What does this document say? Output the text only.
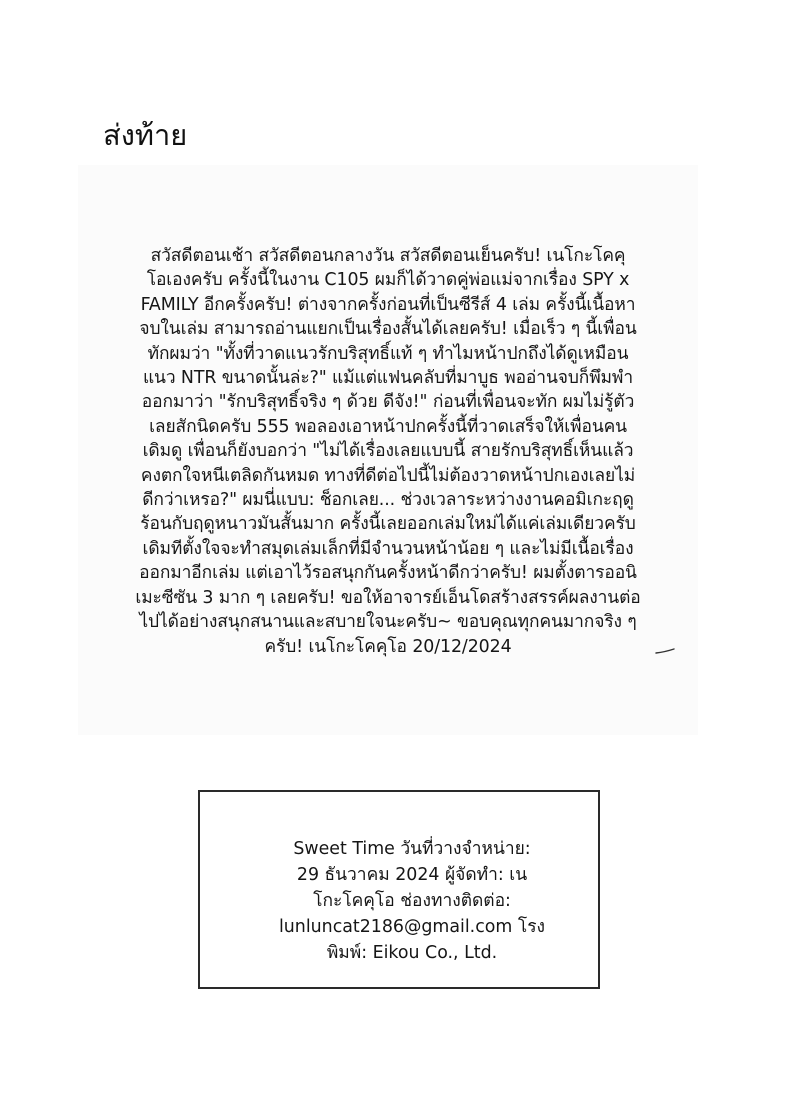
ส่งท้าย

สวัสดีตอนเช้า สวัสดีตอนกลางวัน สวัสดีตอนเย็นครับ! เนโกะโคคุ
โอเองครับ ครั้งนี้ในงาน C105 ผมก็ได้วาดคู่พ่อแม่จากเรื่อง SPY x
FAMILY อีกครั้งครับ! ต่างจากครั้งก่อนที่เป็นซีรีส์ 4 เล่ม ครั้งนี้เนื้อหา
จบในเล่ม สามารถอ่านแยกเป็นเรื่องสั้นได้เลยครับ! เมื่อเร็ว ๆ นี้เพื่อน
ทักผมว่า "ทั้งที่วาดแนวรักบริสุทธิ์แท้ ๆ ทำไมหน้าปกถึงได้ดูเหมือน
แนว NTR ขนาดนั้นล่ะ?" แม้แต่แฟนคลับที่มาบูธ พออ่านจบก็พึมพำ
ออกมาว่า "รักบริสุทธิ์จริง ๆ ด้วย ดีจัง!" ก่อนที่เพื่อนจะทัก ผมไม่รู้ตัว
เลยสักนิดครับ 555 พอลองเอาหน้าปกครั้งนี้ที่วาดเสร็จให้เพื่อนคน
เดิมดู เพื่อนก็ยังบอกว่า "ไม่ได้เรื่องเลยแบบนี้ สายรักบริสุทธิ์เห็นแล้ว
คงตกใจหนีเตลิดกันหมด ทางที่ดีต่อไปนี้ไม่ต้องวาดหน้าปกเองเลยไม่
ดีกว่าเหรอ?" ผมนี่แบบ: ช็อกเลย... ช่วงเวลาระหว่างงานคอมิเกะฤดู
ร้อนกับฤดูหนาวมันสั้นมาก ครั้งนี้เลยออกเล่มใหม่ได้แค่เล่มเดียวครับ
เดิมทีตั้งใจจะทำสมุดเล่มเล็กที่มีจำนวนหน้าน้อย ๆ และไม่มีเนื้อเรื่อง
ออกมาอีกเล่ม แต่เอาไว้รอสนุกกันครั้งหน้าดีกว่าครับ! ผมตั้งตารออนิ
เมะซีซัน 3 มาก ๆ เลยครับ! ขอให้อาจารย์เอ็นโดสร้างสรรค์ผลงานต่อ
ไปได้อย่างสนุกสนานและสบายใจนะครับ~ ขอบคุณทุกคนมากจริง ๆ
ครับ! เนโกะโคคุโอ 20/12/2024

Sweet Time วันที่วางจำหน่าย:
29 ธันวาคม 2024 ผู้จัดทำ: เน
โกะโคคุโอ ช่องทางติดต่อ:
lunluncat2186@gmail.com โรง
พิมพ์: Eikou Co., Ltd.
